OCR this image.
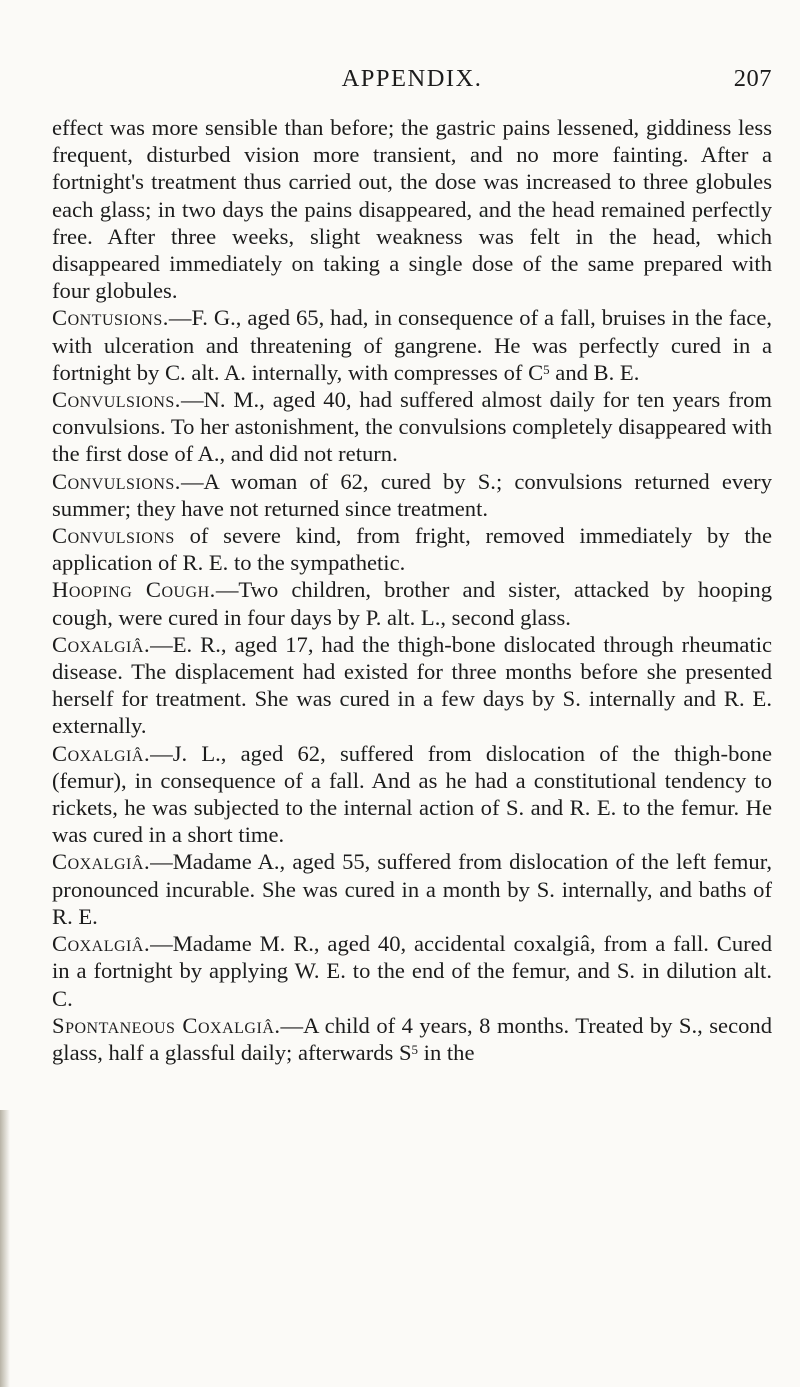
APPENDIX.	207

effect was more sensible than before; the gastric pains lessened, giddiness less frequent, disturbed vision more transient, and no more fainting. After a fortnight's treatment thus carried out, the dose was increased to three globules each glass; in two days the pains disappeared, and the head remained perfectly free. After three weeks, slight weakness was felt in the head, which disappeared immediately on taking a single dose of the same prepared with four globules.

Contusions.—F. G., aged 65, had, in consequence of a fall, bruises in the face, with ulceration and threatening of gangrene. He was perfectly cured in a fortnight by C. alt. A. internally, with compresses of $C^5$ and B. E.

Convulsions.—N. M., aged 40, had suffered almost daily for ten years from convulsions. To her astonishment, the convulsions completely disappeared with the first dose of A., and did not return.

Convulsions.—A woman of 62, cured by S.; convulsions returned every summer; they have not returned since treatment.

Convulsions of severe kind, from fright, removed immediately by the application of R. E. to the sympathetic.

Hooping Cough.—Two children, brother and sister, attacked by hooping cough, were cured in four days by P. alt. L., second glass.

Coxalgiâ.—E. R., aged 17, had the thigh-bone dislocated through rheumatic disease. The displacement had existed for three months before she presented herself for treatment. She was cured in a few days by S. internally and R. E. externally.

Coxalgiâ.—J. L., aged 62, suffered from dislocation of the thigh-bone (femur), in consequence of a fall. And as he had a constitutional tendency to rickets, he was subjected to the internal action of S. and R. E. to the femur. He was cured in a short time.

Coxalgiâ.—Madame A., aged 55, suffered from dislocation of the left femur, pronounced incurable. She was cured in a month by S. internally, and baths of R. E.

Coxalgiâ.—Madame M. R., aged 40, accidental coxalgiâ, from a fall. Cured in a fortnight by applying W. E. to the end of the femur, and S. in dilution alt. C.

Spontaneous Coxalgiâ.—A child of 4 years, 8 months. Treated by S., second glass, half a glassful daily; afterwards $S^5$ in the
